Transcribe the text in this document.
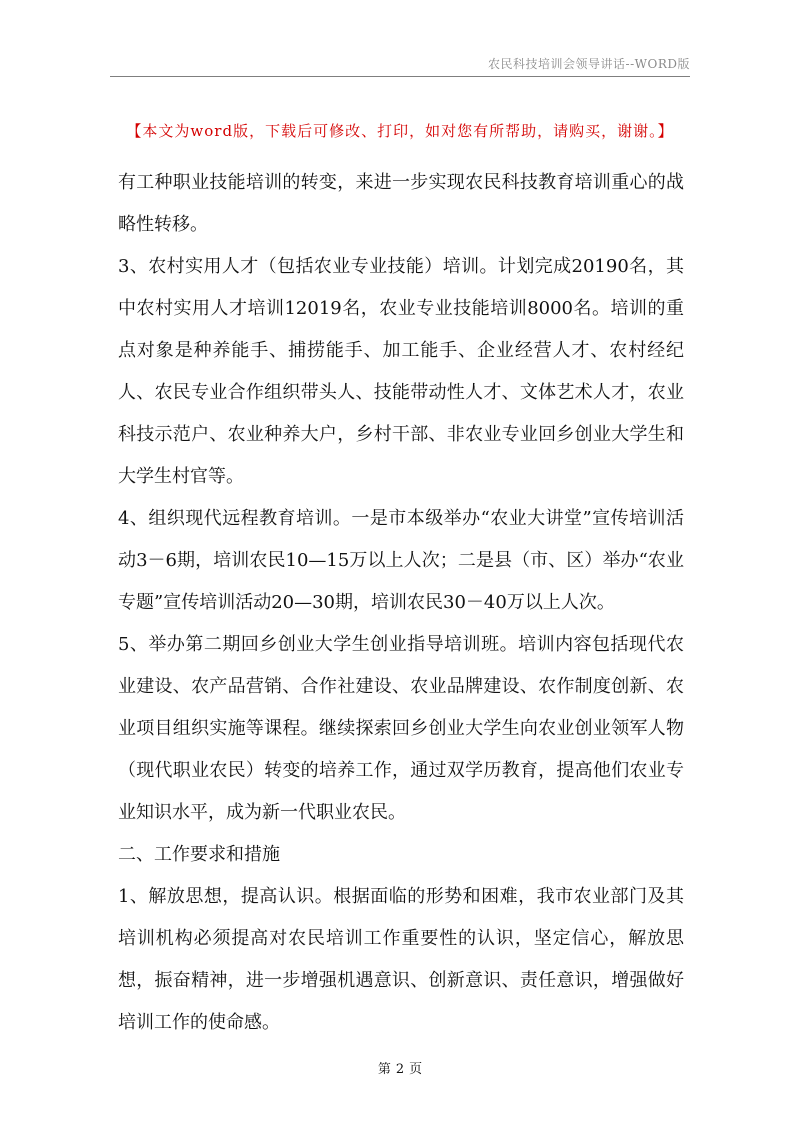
农民科技培训会领导讲话--WORD版
【本文为word版，下载后可修改、打印，如对您有所帮助，请购买，谢谢。】

有工种职业技能培训的转变，来进一步实现农民科技教育培训重心的战略性转移。

3、农村实用人才（包括农业专业技能）培训。计划完成20190名，其中农村实用人才培训12019名，农业专业技能培训8000名。培训的重点对象是种养能手、捕捞能手、加工能手、企业经营人才、农村经纪人、农民专业合作组织带头人、技能带动性人才、文体艺术人才，农业科技示范户、农业种养大户，乡村干部、非农业专业回乡创业大学生和大学生村官等。

4、组织现代远程教育培训。一是市本级举办“农业大讲堂”宣传培训活动3－6期，培训农民10—15万以上人次；二是县（市、区）举办“农业专题”宣传培训活动20—30期，培训农民30－40万以上人次。

5、举办第二期回乡创业大学生创业指导培训班。培训内容包括现代农业建设、农产品营销、合作社建设、农业品牌建设、农作制度创新、农业项目组织实施等课程。继续探索回乡创业大学生向农业创业领军人物（现代职业农民）转变的培养工作，通过双学历教育，提高他们农业专业知识水平，成为新一代职业农民。

二、工作要求和措施

1、解放思想，提高认识。根据面临的形势和困难，我市农业部门及其培训机构必须提高对农民培训工作重要性的认识，坚定信心，解放思想，振奋精神，进一步增强机遇意识、创新意识、责任意识，增强做好培训工作的使命感。

第 2 页
